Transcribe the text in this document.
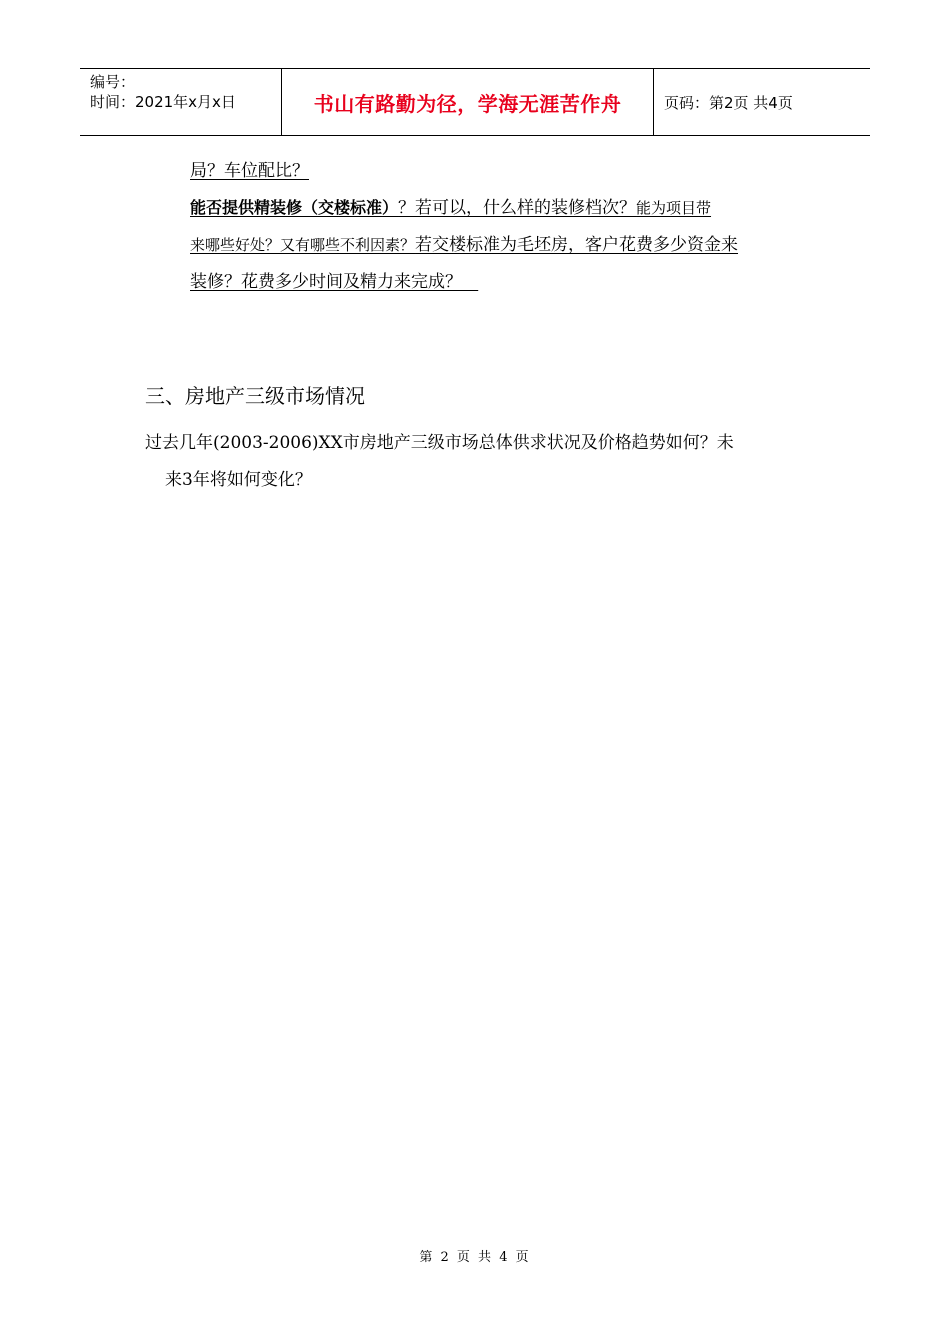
编号：
时间：2021年x月x日	书山有路勤为径，学海无涯苦作舟	页码：第2页 共4页
局？车位配比？
能否提供精装修（交楼标准）？若可以，什么样的装修档次？能为项目带
来哪些好处？又有哪些不利因素？若交楼标准为毛坯房，客户花费多少资金来
装修？花费多少时间及精力来完成？
三、房地产三级市场情况
过去几年(2003-2006)XX市房地产三级市场总体供求状况及价格趋势如何？未
来3年将如何变化？
第 2 页 共 4 页
